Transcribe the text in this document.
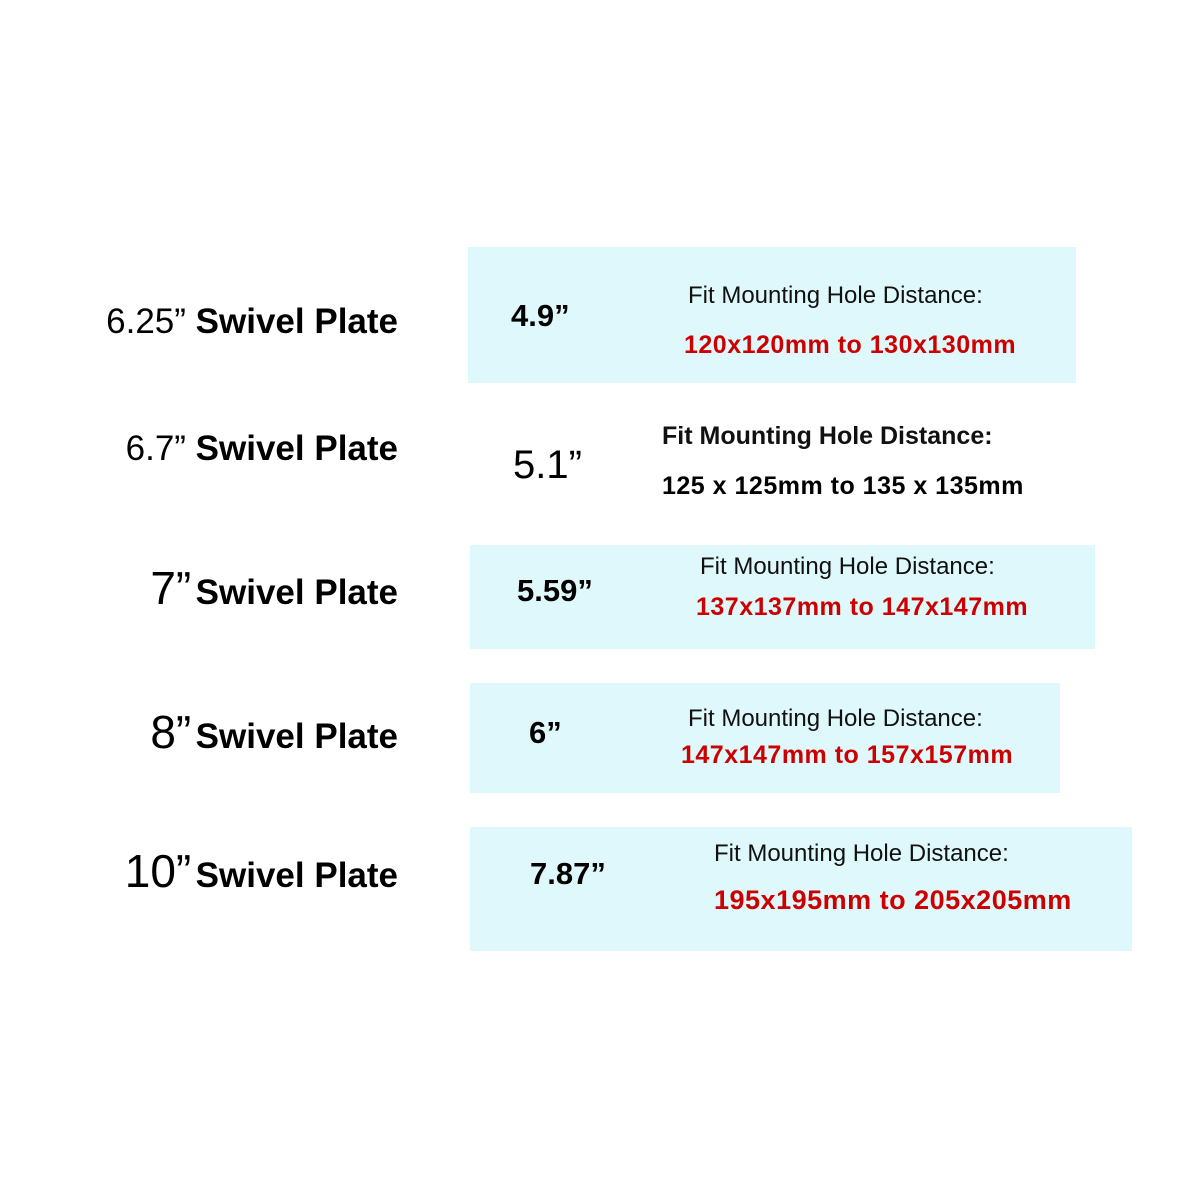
6.25” Swivel Plate	4.9”
Fit Mounting Hole Distance:
120x120mm to 130x130mm
6.7” Swivel Plate	5.1”
Fit Mounting Hole Distance:
125 x 125mm to 135 x 135mm
7” Swivel Plate	5.59”
Fit Mounting Hole Distance:
137x137mm to 147x147mm
8” Swivel Plate	6”	Fit Mounting Hole Distance:
147x147mm to 157x157mm
10” Swivel Plate	7.87”
Fit Mounting Hole Distance:
195x195mm to 205x205mm
